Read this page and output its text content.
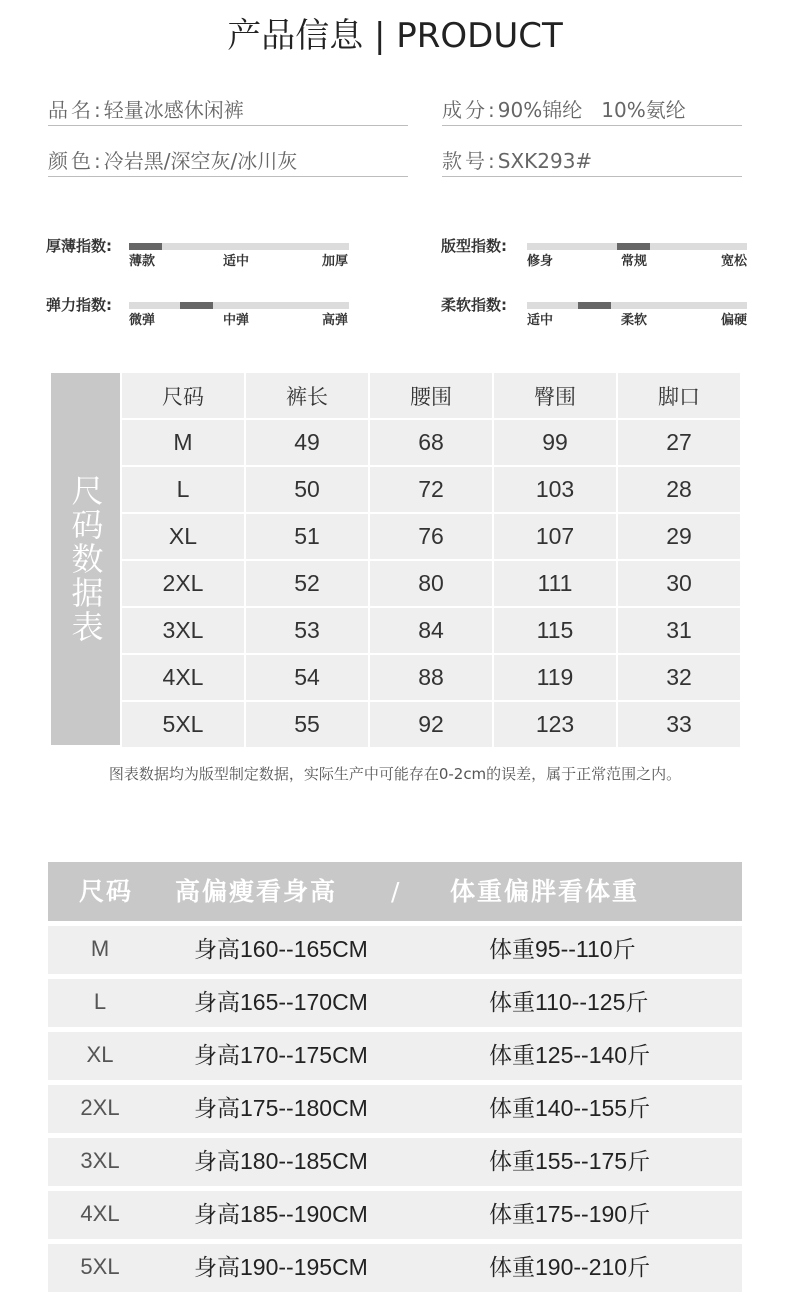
产品信息 | PRODUCT
品名:轻量冰感休闲裤	成分:90%锦纶   10%氨纶
颜色:冷岩黑/深空灰/冰川灰	款号:SXK293#
厚薄指数:
薄款	适中	加厚
版型指数:
修身	常规	宽松
弹力指数:
微弹	中弹	高弹
柔软指数:
适中	柔软	偏硬
尺码数据表
尺码	裤长	腰围	臀围	脚口
M	49	68	99	27
L	50	72	103	28
XL	51	76	107	29
2XL	52	80	111	30
3XL	53	84	115	31
4XL	54	88	119	32
5XL	55	92	123	33
图表数据均为版型制定数据，实际生产中可能存在0-2cm的误差，属于正常范围之内。
尺码 高偏瘦看身高 / 体重偏胖看体重
M	身高160--165CM	体重95--110斤
L	身高165--170CM	体重110--125斤
XL	身高170--175CM	体重125--140斤
2XL	身高175--180CM	体重140--155斤
3XL	身高180--185CM	体重155--175斤
4XL	身高185--190CM	体重175--190斤
5XL	身高190--195CM	体重190--210斤
